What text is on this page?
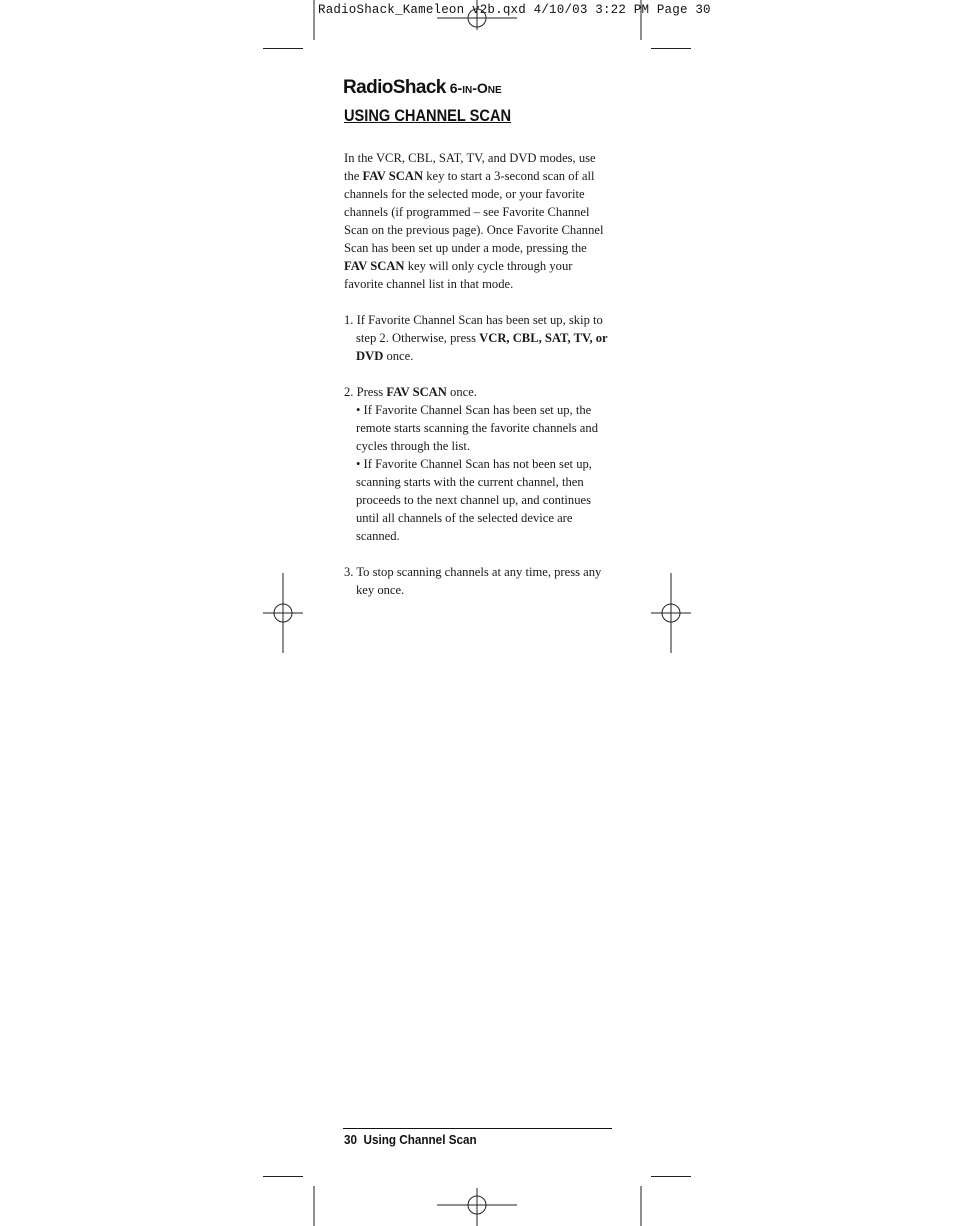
RadioShack_Kameleon v2b.qxd 4/10/03 3:22 PM Page 30
RadioShack 6-in-One
USING CHANNEL SCAN

In the VCR, CBL, SAT, TV, and DVD modes, use the FAV SCAN key to start a 3-second scan of all channels for the selected mode, or your favorite channels (if programmed – see Favorite Channel Scan on the previous page). Once Favorite Channel Scan has been set up under a mode, pressing the FAV SCAN key will only cycle through your favorite channel list in that mode.

1. If Favorite Channel Scan has been set up, skip to step 2. Otherwise, press VCR, CBL, SAT, TV, or DVD once.

2. Press FAV SCAN once.

• If Favorite Channel Scan has been set up, the remote starts scanning the favorite channels and cycles through the list.

• If Favorite Channel Scan has not been set up, scanning starts with the current channel, then proceeds to the next channel up, and continues until all channels of the selected device are scanned.

3. To stop scanning channels at any time, press any key once.

30 Using Channel Scan
